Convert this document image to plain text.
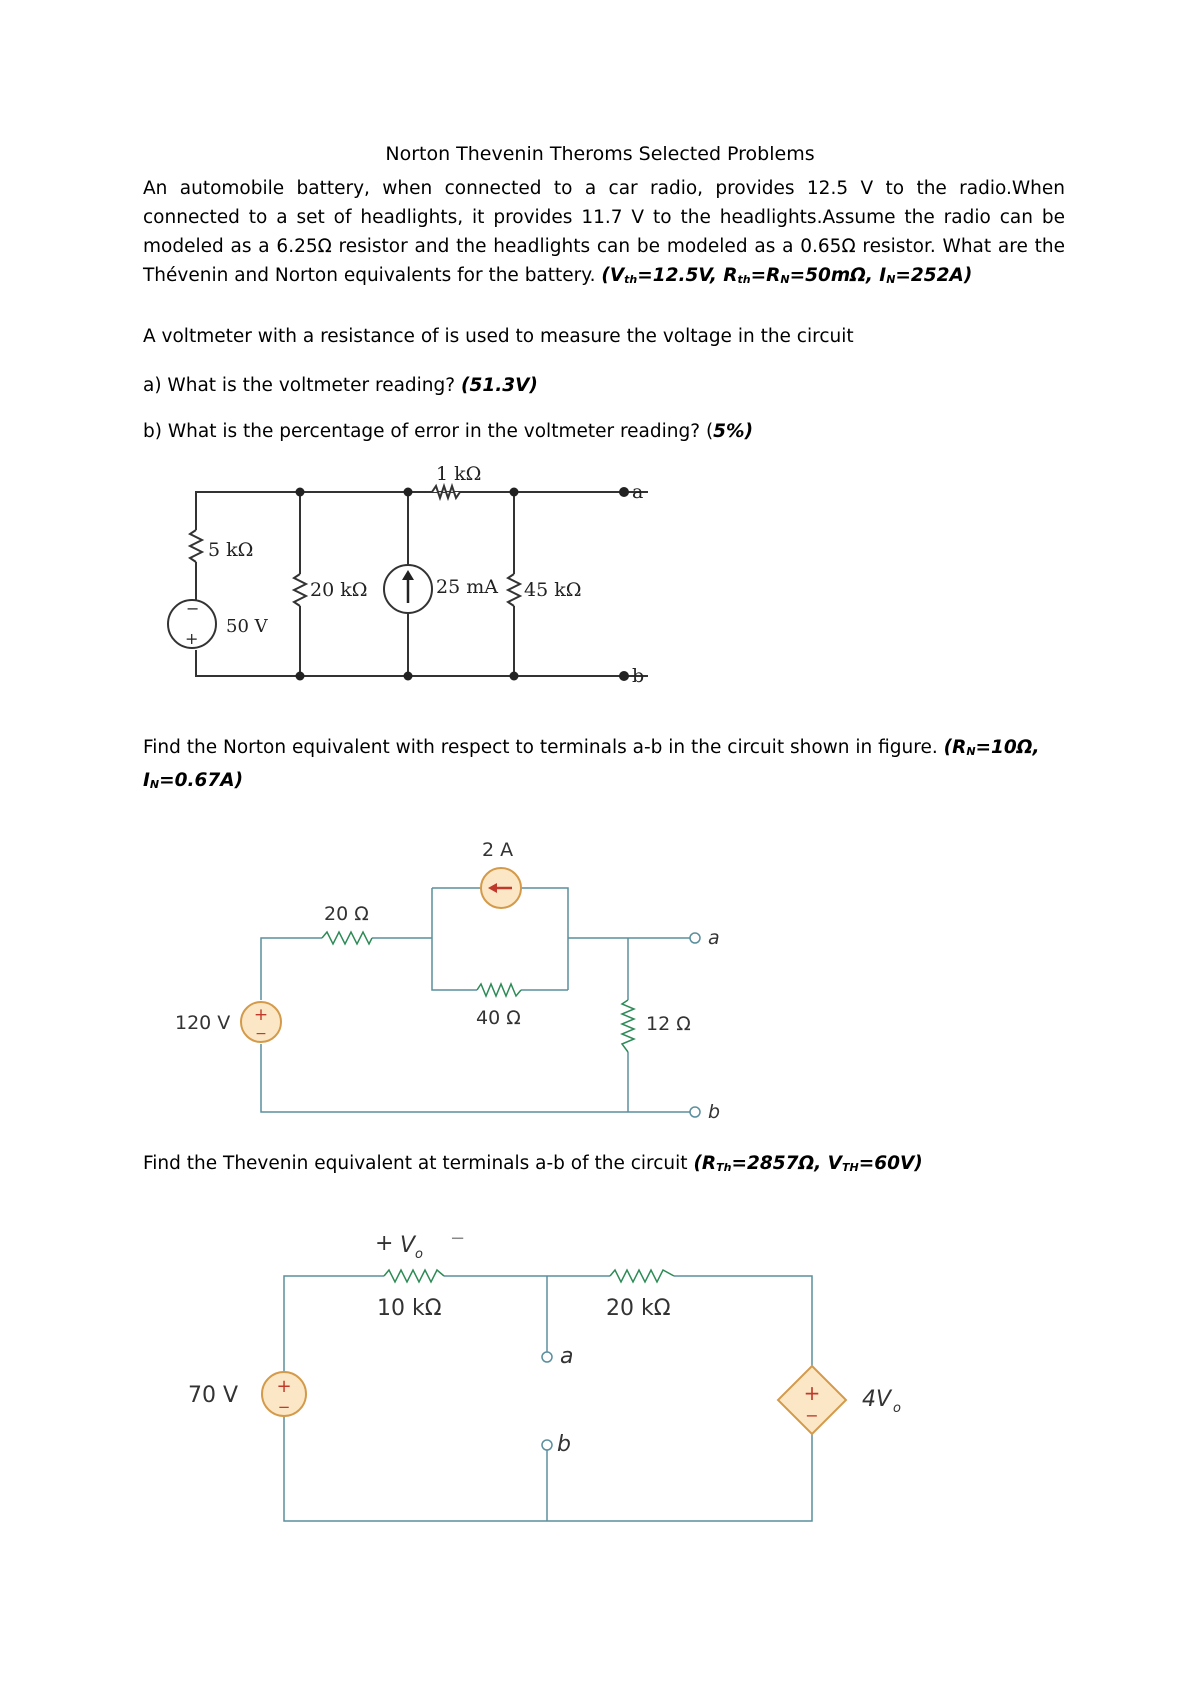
Norton Thevenin Theroms Selected Problems
An automobile battery, when connected to a car radio, provides 12.5 V to the radio.When connected to a set of headlights, it provides 11.7 V to the headlights.Assume the radio can be modeled as a 6.25Ω resistor and the headlights can be modeled as a 0.65Ω resistor. What are the Thévenin and Norton equivalents for the battery. ($V_{th}=12.5V$, $R_{th}=R_N=50m\Omega$, $I_N=252A$)
A voltmeter with a resistance of is used to measure the voltage in the circuit
a) What is the voltmeter reading? (51.3V)
b) What is the percentage of error in the voltmeter reading? (5%)
1 kΩ
5 kΩ
50 V
20 kΩ	25 mA 45 kΩ
a
b
−
+
Find the Norton equivalent with respect to terminals a-b in the circuit shown in figure. ($R_N=10\Omega$,
$I_N=0.67A$)
+
−
2 A
20 Ω
40 Ω
120 V	12 Ω
a
b
Find the Thevenin equivalent at terminals a-b of the circuit ($R_{Th}=2857\Omega$, $V_{TH}=60V$)
+
−
+
−
+ V o
−
10 kΩ	20 kΩ
70 V	4V o
a
b
